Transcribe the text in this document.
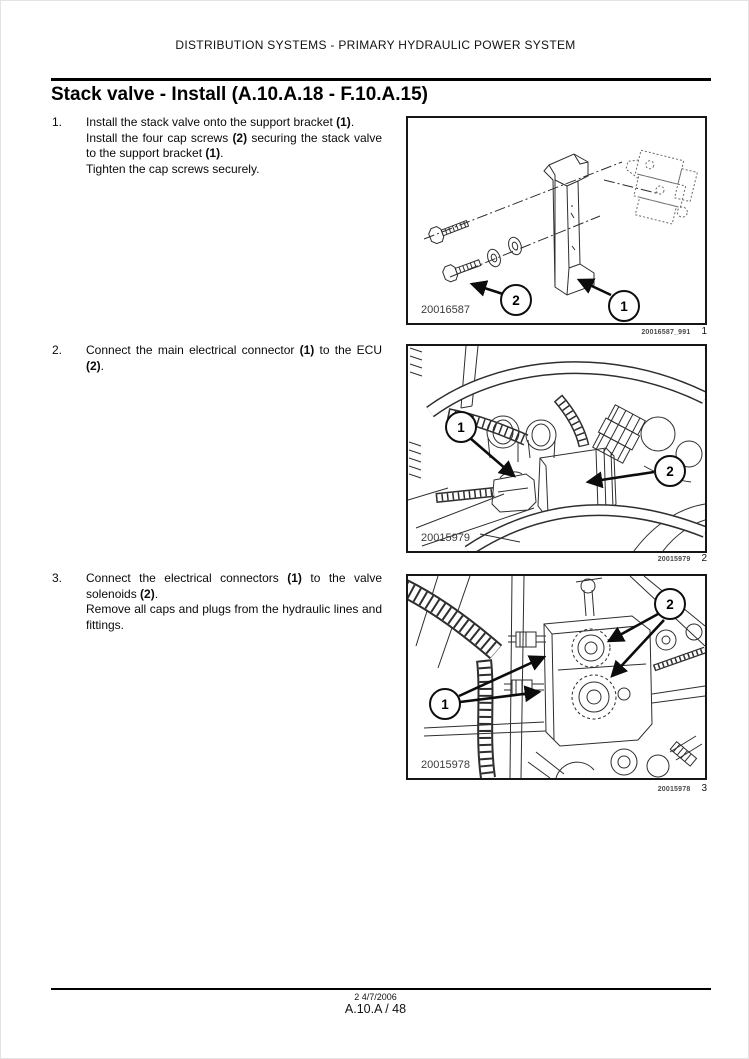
DISTRIBUTION SYSTEMS - PRIMARY HYDRAULIC POWER SYSTEM
Stack valve - Install (A.10.A.18 - F.10.A.15)
1. Install the stack valve onto the support bracket (1).
Install the four cap screws (2) securing the stack valve to the support bracket (1).
Tighten the cap screws securely.
2. Connect the main electrical connector (1) to the ECU (2).
3. Connect the electrical connectors (1) to the valve solenoids (2).
Remove all caps and plugs from the hydraulic lines and fittings.
20016587
2	1
20016587_991 1
20015979
1
2
20015979 2
20015978
2
1
20015978 3
2 4/7/2006
A.10.A / 48
